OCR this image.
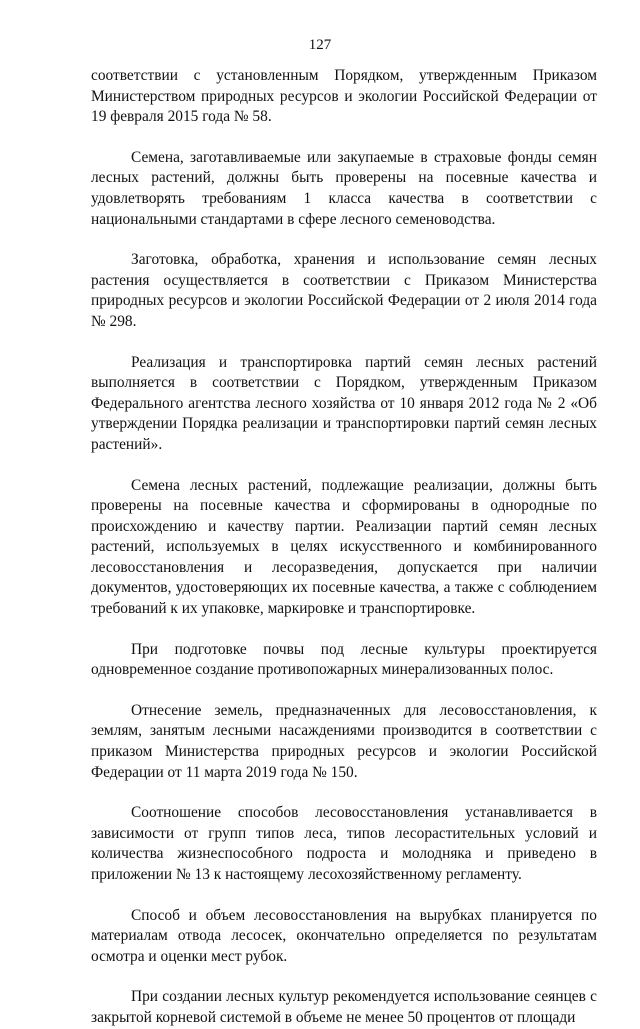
127

соответствии с установленным Порядком, утвержденным Приказом Министерством природных ресурсов и экологии Российской Федерации от 19 февраля 2015 года № 58.

Семена, заготавливаемые или закупаемые в страховые фонды семян лесных растений, должны быть проверены на посевные качества и удовлетворять требованиям 1 класса качества в соответствии с национальными стандартами в сфере лесного семеноводства.

Заготовка, обработка, хранения и использование семян лесных растения осуществляется в соответствии с Приказом Министерства природных ресурсов и экологии Российской Федерации от 2 июля 2014 года № 298.

Реализация и транспортировка партий семян лесных растений выполняется в соответствии с Порядком, утвержденным Приказом Федерального агентства лесного хозяйства от 10 января 2012 года № 2 «Об утверждении Порядка реализации и транспортировки партий семян лесных растений».

Семена лесных растений, подлежащие реализации, должны быть проверены на посевные качества и сформированы в однородные по происхождению и качеству партии. Реализации партий семян лесных растений, используемых в целях искусственного и комбинированного лесовосстановления и лесоразведения, допускается при наличии документов, удостоверяющих их посевные качества, а также с соблюдением требований к их упаковке, маркировке и транспортировке.

При подготовке почвы под лесные культуры проектируется одновременное создание противопожарных минерализованных полос.

Отнесение земель, предназначенных для лесовосстановления, к землям, занятым лесными насаждениями производится в соответствии с приказом Министерства природных ресурсов и экологии Российской Федерации от 11 марта 2019 года № 150.

Соотношение способов лесовосстановления устанавливается в зависимости от групп типов леса, типов лесорастительных условий и количества жизнеспособного подроста и молодняка и приведено в приложении № 13 к настоящему лесохозяйственному регламенту.

Способ и объем лесовосстановления на вырубках планируется по материалам отвода лесосек, окончательно определяется по результатам осмотра и оценки мест рубок.

При создании лесных культур рекомендуется использование сеянцев с закрытой корневой системой в объеме не менее 50 процентов от площади
